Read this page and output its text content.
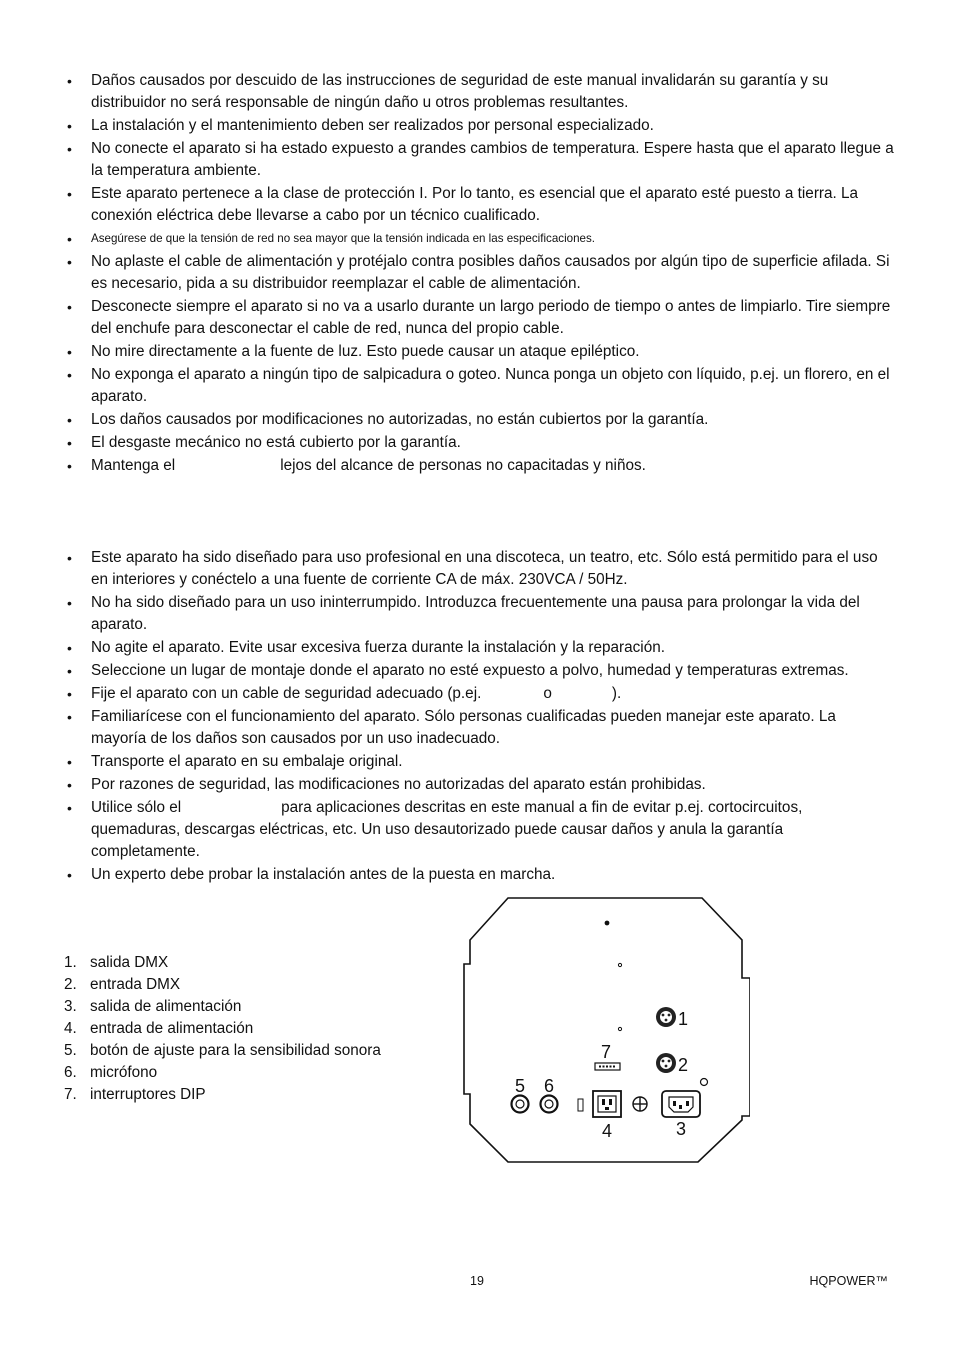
• Daños causados por descuido de las instrucciones de seguridad de este manual invalidarán su garantía y su distribuidor no será responsable de ningún daño u otros problemas resultantes.
• La instalación y el mantenimiento deben ser realizados por personal especializado.
• No conecte el aparato si ha estado expuesto a grandes cambios de temperatura. Espere hasta que el aparato llegue a la temperatura ambiente.
• Este aparato pertenece a la clase de protección I. Por lo tanto, es esencial que el aparato esté puesto a tierra. La conexión eléctrica debe llevarse a cabo por un técnico cualificado.
• Asegúrese de que la tensión de red no sea mayor que la tensión indicada en las especificaciones.
• No aplaste el cable de alimentación y protéjalo contra posibles daños causados por algún tipo de superficie afilada. Si es necesario, pida a su distribuidor reemplazar el cable de alimentación.
• Desconecte siempre el aparato si no va a usarlo durante un largo periodo de tiempo o antes de limpiarlo. Tire siempre del enchufe para desconectar el cable de red, nunca del propio cable.
• No mire directamente a la fuente de luz. Esto puede causar un ataque epiléptico.
• No exponga el aparato a ningún tipo de salpicadura o goteo. Nunca ponga un objeto con líquido, p.ej. un florero, en el aparato.
• Los daños causados por modificaciones no autorizadas, no están cubiertos por la garantía.
• El desgaste mecánico no está cubierto por la garantía.
• Mantenga el	lejos del alcance de personas no capacitadas y niños.
• Este aparato ha sido diseñado para uso profesional en una discoteca, un teatro, etc. Sólo está permitido para el uso en interiores y conéctelo a una fuente de corriente CA de máx. 230VCA / 50Hz.
• No ha sido diseñado para un uso ininterrumpido. Introduzca frecuentemente una pausa para prolongar la vida del aparato.
• No agite el aparato. Evite usar excesiva fuerza durante la instalación y la reparación.
• Seleccione un lugar de montaje donde el aparato no esté expuesto a polvo, humedad y temperaturas extremas.
• Fije el aparato con un cable de seguridad adecuado (p.ej.	o	).
• Familiarícese con el funcionamiento del aparato. Sólo personas cualificadas pueden manejar este aparato. La mayoría de los daños son causados por un uso inadecuado.
• Transporte el aparato en su embalaje original.
• Por razones de seguridad, las modificaciones no autorizadas del aparato están prohibidas.
• Utilice sólo el	para aplicaciones descritas en este manual a fin de evitar p.ej. cortocircuitos, quemaduras, descargas eléctricas, etc. Un uso desautorizado puede causar daños y anula la garantía completamente.
• Un experto debe probar la instalación antes de la puesta en marcha.
1. salida DMX
2. entrada DMX
3. salida de alimentación
4. entrada de alimentación
5. botón de ajuste para la sensibilidad sonora
6. micrófono
7. interruptores DIP
1
2
3
4
5 6
7
19	HQPOWER™
